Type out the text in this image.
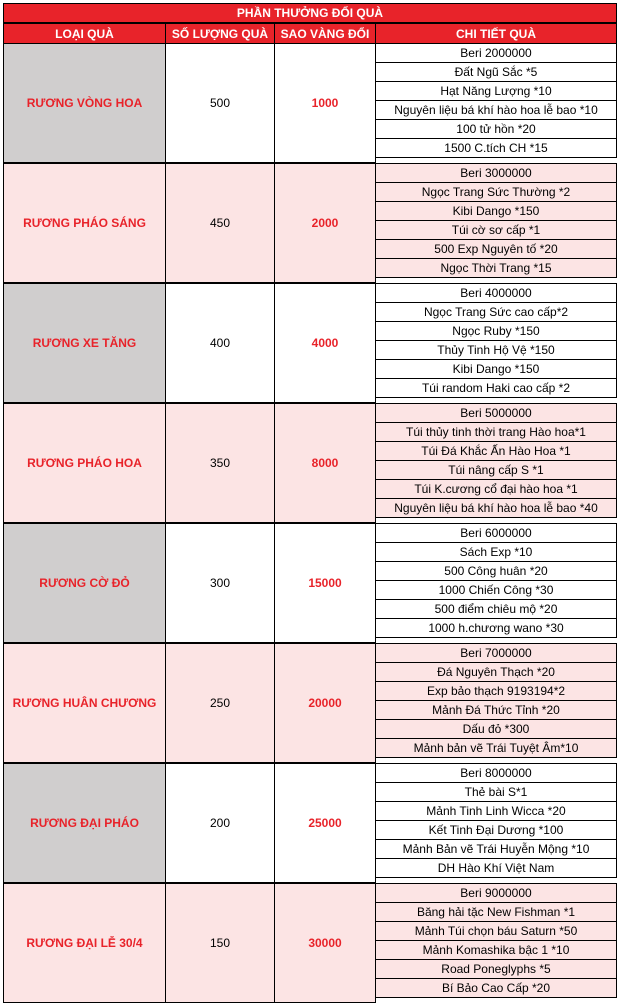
PHẦN THƯỞNG ĐỔI QUÀ
LOẠI QUÀ	SỐ LƯỢNG QUÀ	SAO VÀNG ĐỔI	CHI TIẾT QUÀ
RƯƠNG VÒNG HOA	500	1000
Beri 2000000
Đất Ngũ Sắc *5
Hạt Năng Lượng *10
Nguyên liệu bá khí hào hoa lễ bao *10
100 tử hồn *20
1500 C.tích CH *15
RƯƠNG PHÁO SÁNG	450	2000
Beri 3000000
Ngọc Trang Sức Thường *2
Kibi Dango *150
Túi cờ sơ cấp *1
500 Exp Nguyên tố *20
Ngọc Thời Trang *15
RƯƠNG XE TĂNG	400	4000
Beri 4000000
Ngọc Trang Sức cao cấp*2
Ngọc Ruby *150
Thủy Tinh Hộ Vệ *150
Kibi Dango *150
Túi random Haki cao cấp *2
RƯƠNG PHÁO HOA	350	8000
Beri 5000000
Túi thủy tinh thời trang Hào hoa*1
Túi Đá Khắc Ấn Hào Hoa *1
Túi nâng cấp S *1
Túi K.cương cổ đại hào hoa *1
Nguyên liệu bá khí hào hoa lễ bao *40
RƯƠNG CỜ ĐỎ	300	15000
Beri 6000000
Sách Exp *10
500 Công huân *20
1000 Chiến Công *30
500 điểm chiêu mộ *20
1000 h.chương wano *30
RƯƠNG HUÂN CHƯƠNG	250	20000
Beri 7000000
Đá Nguyên Thạch *20
Exp bảo thạch 9193194*2
Mảnh Đá Thức Tỉnh *20
Dấu đỏ *300
Mảnh bản vẽ Trái Tuyệt Âm*10
RƯƠNG ĐẠI PHÁO	200	25000
Beri 8000000
Thẻ bài S*1
Mảnh Tinh Linh Wicca *20
Kết Tinh Đại Dương *100
Mảnh Bản vẽ Trái Huyễn Mộng *10
DH Hào Khí Việt Nam
RƯƠNG ĐẠI LỄ 30/4	150	30000
Beri 9000000
Băng hải tặc New Fishman *1
Mảnh Túi chọn báu Saturn *50
Mảnh Komashika bậc 1 *10
Road Poneglyphs *5
Bí Bảo Cao Cấp *20
